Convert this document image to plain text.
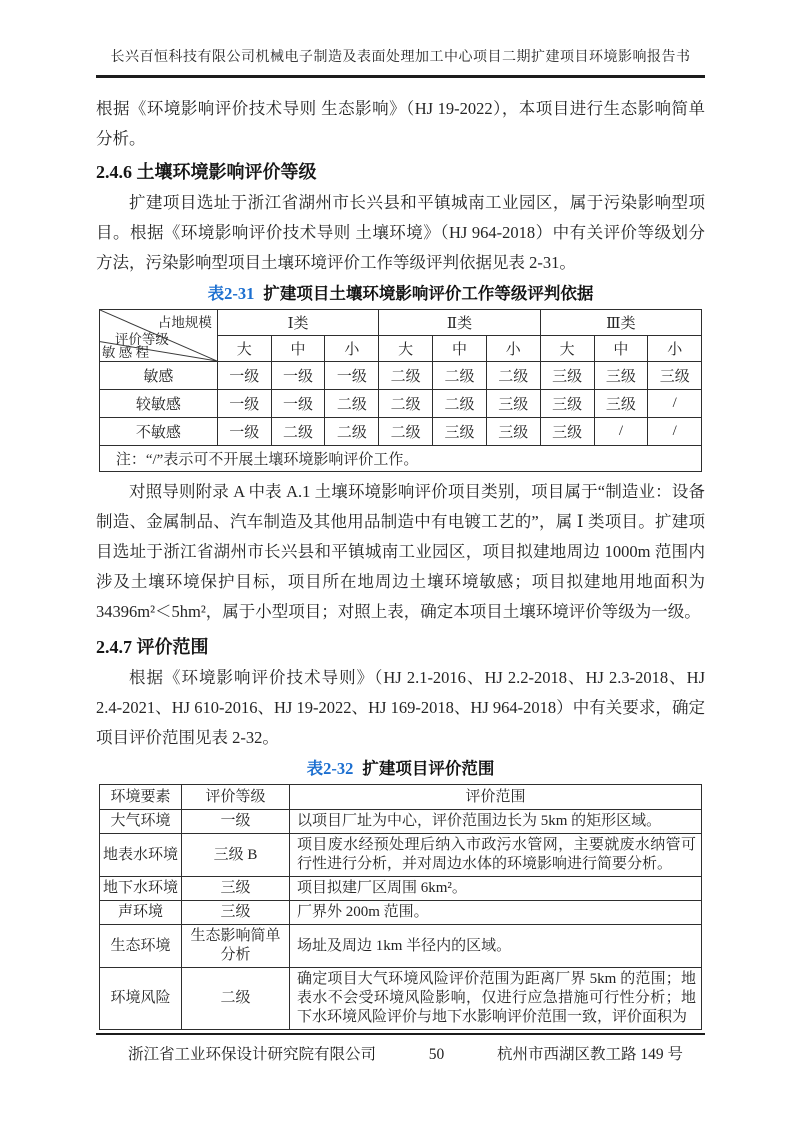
长兴百恒科技有限公司机械电子制造及表面处理加工中心项目二期扩建项目环境影响报告书

根据《环境影响评价技术导则 生态影响》（HJ 19-2022），本项目进行生态影响简单分析。

2.4.6 土壤环境影响评价等级

扩建项目选址于浙江省湖州市长兴县和平镇城南工业园区，属于污染影响型项目。根据《环境影响评价技术导则 土壤环境》（HJ 964-2018）中有关评价等级划分方法，污染影响型项目土壤环境评价工作等级评判依据见表 2-31。

表2-31 扩建项目土壤环境影响评价工作等级评判依据
占地规模
评价等级
敏 感 程	Ⅰ类			Ⅱ类			Ⅲ类		
	大	中	小	大	中	小	大	中	小
敏感	一级	一级	一级	二级	二级	二级	三级	三级	三级
较敏感	一级	一级	二级	二级	二级	三级	三级	三级	/
不敏感	一级	二级	二级	二级	三级	三级	三级	/	/
注：“/”表示可不开展土壤环境影响评价工作。									

对照导则附录 A 中表 A.1 土壤环境影响评价项目类别，项目属于“制造业：设备制造、金属制品、汽车制造及其他用品制造中有电镀工艺的”，属 Ⅰ 类项目。扩建项目选址于浙江省湖州市长兴县和平镇城南工业园区，项目拟建地周边 1000m 范围内涉及土壤环境保护目标，项目所在地周边土壤环境敏感；项目拟建地用地面积为 34396m²＜5hm²，属于小型项目；对照上表，确定本项目土壤环境评价等级为一级。

2.4.7 评价范围

根据《环境影响评价技术导则》（HJ 2.1-2016、HJ 2.2-2018、HJ 2.3-2018、HJ 2.4-2021、HJ 610-2016、HJ 19-2022、HJ 169-2018、HJ 964-2018）中有关要求，确定项目评价范围见表 2-32。

表2-32 扩建项目评价范围
环境要素	评价等级	评价范围
大气环境	一级	以项目厂址为中心，评价范围边长为 5km 的矩形区域。
地表水环境	三级 B	项目废水经预处理后纳入市政污水管网，主要就废水纳管可行性进行分析，并对周边水体的环境影响进行简要分析。
地下水环境	三级	项目拟建厂区周围 6km²。
声环境	三级	厂界外 200m 范围。
生态环境	生态影响简单分析	场址及周边 1km 半径内的区域。
环境风险	二级	确定项目大气环境风险评价范围为距离厂界 5km 的范围；地表水不会受环境风险影响，仅进行应急措施可行性分析；地下水环境风险评价与地下水影响评价范围一致，评价面积为
浙江省工业环保设计研究院有限公司	50	杭州市西湖区教工路 149 号
